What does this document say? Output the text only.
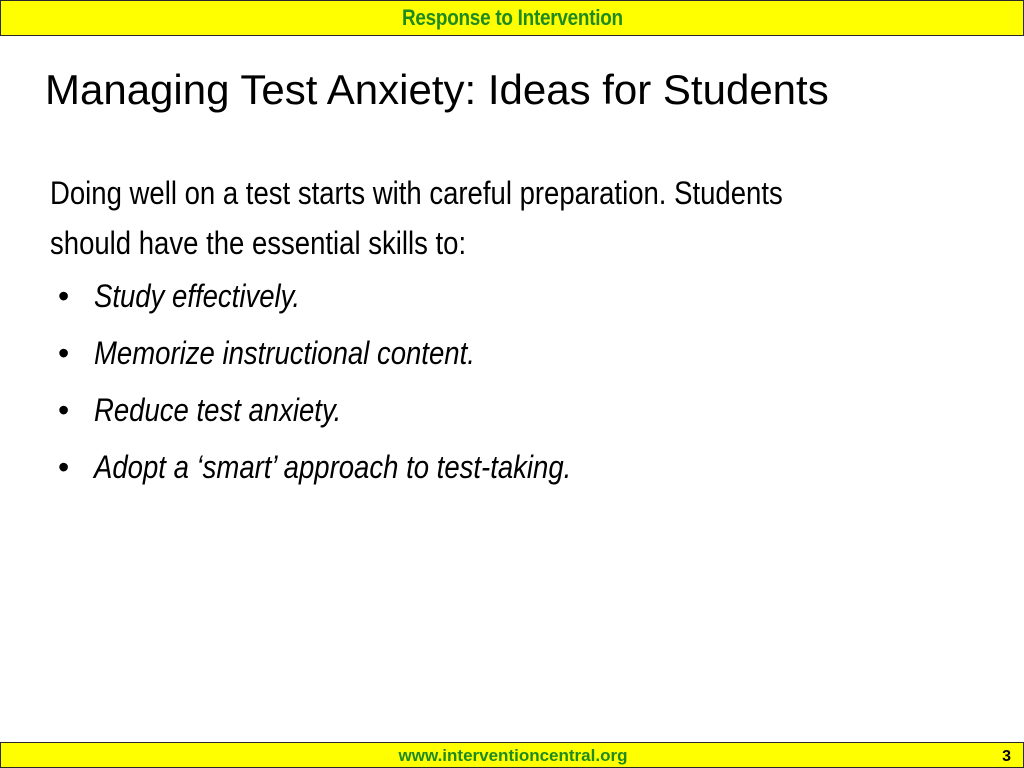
Response to Intervention
Managing Test Anxiety: Ideas for Students

Doing well on a test starts with careful preparation. Students
should have the essential skills to:

• Study effectively.
• Memorize instructional content.
• Reduce test anxiety.
• Adopt a ‘smart’ approach to test-taking.
www.interventioncentral.org	3
